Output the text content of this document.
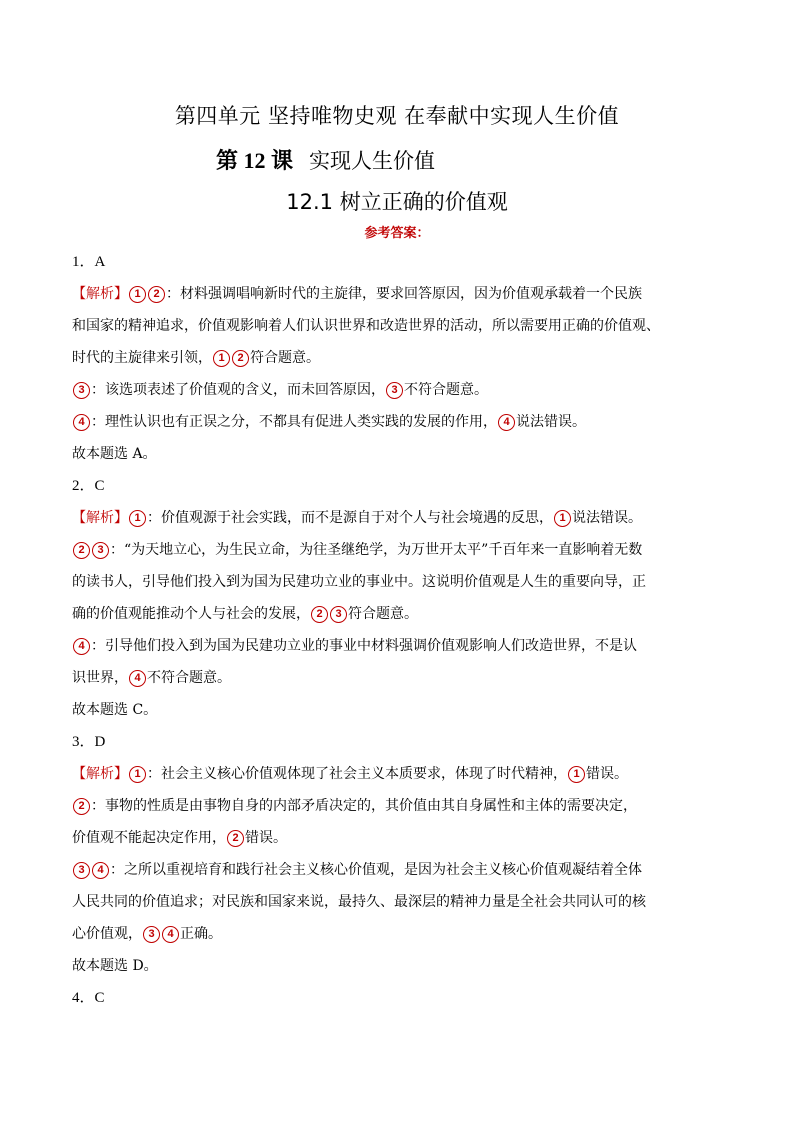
第四单元 坚持唯物史观 在奉献中实现人生价值
第 12 课 实现人生价值
12.1 树立正确的价值观
参考答案：
1．A
【解析】 1 2 ：材料强调唱响新时代的主旋律，要求回答原因，因为价值观承载着一个民族
和国家的精神追求，价值观影响着人们认识世界和改造世界的活动，所以需要用正确的价值观、
时代的主旋律来引领， 1 2 符合题意。
3 ：该选项表述了价值观的含义，而未回答原因， 3 不符合题意。
4 ：理性认识也有正误之分，不都具有促进人类实践的发展的作用， 4 说法错误。
故本题选 A。
2．C
【解析】 1 ：价值观源于社会实践，而不是源自于对个人与社会境遇的反思， 1 说法错误。
2 3 ：“为天地立心，为生民立命，为往圣继绝学，为万世开太平”千百年来一直影响着无数
的读书人，引导他们投入到为国为民建功立业的事业中。这说明价值观是人生的重要向导，正
确的价值观能推动个人与社会的发展， 2 3 符合题意。
4 ：引导他们投入到为国为民建功立业的事业中材料强调价值观影响人们改造世界，不是认
识世界， 4 不符合题意。
故本题选 C。
3．D
【解析】 1 ：社会主义核心价值观体现了社会主义本质要求，体现了时代精神， 1 错误。
2 ：事物的性质是由事物自身的内部矛盾决定的，其价值由其自身属性和主体的需要决定，
价值观不能起决定作用， 2 错误。
3 4 ：之所以重视培育和践行社会主义核心价值观，是因为社会主义核心价值观凝结着全体
人民共同的价值追求；对民族和国家来说，最持久、最深层的精神力量是全社会共同认可的核
心价值观， 3 4 正确。
故本题选 D。
4．C
